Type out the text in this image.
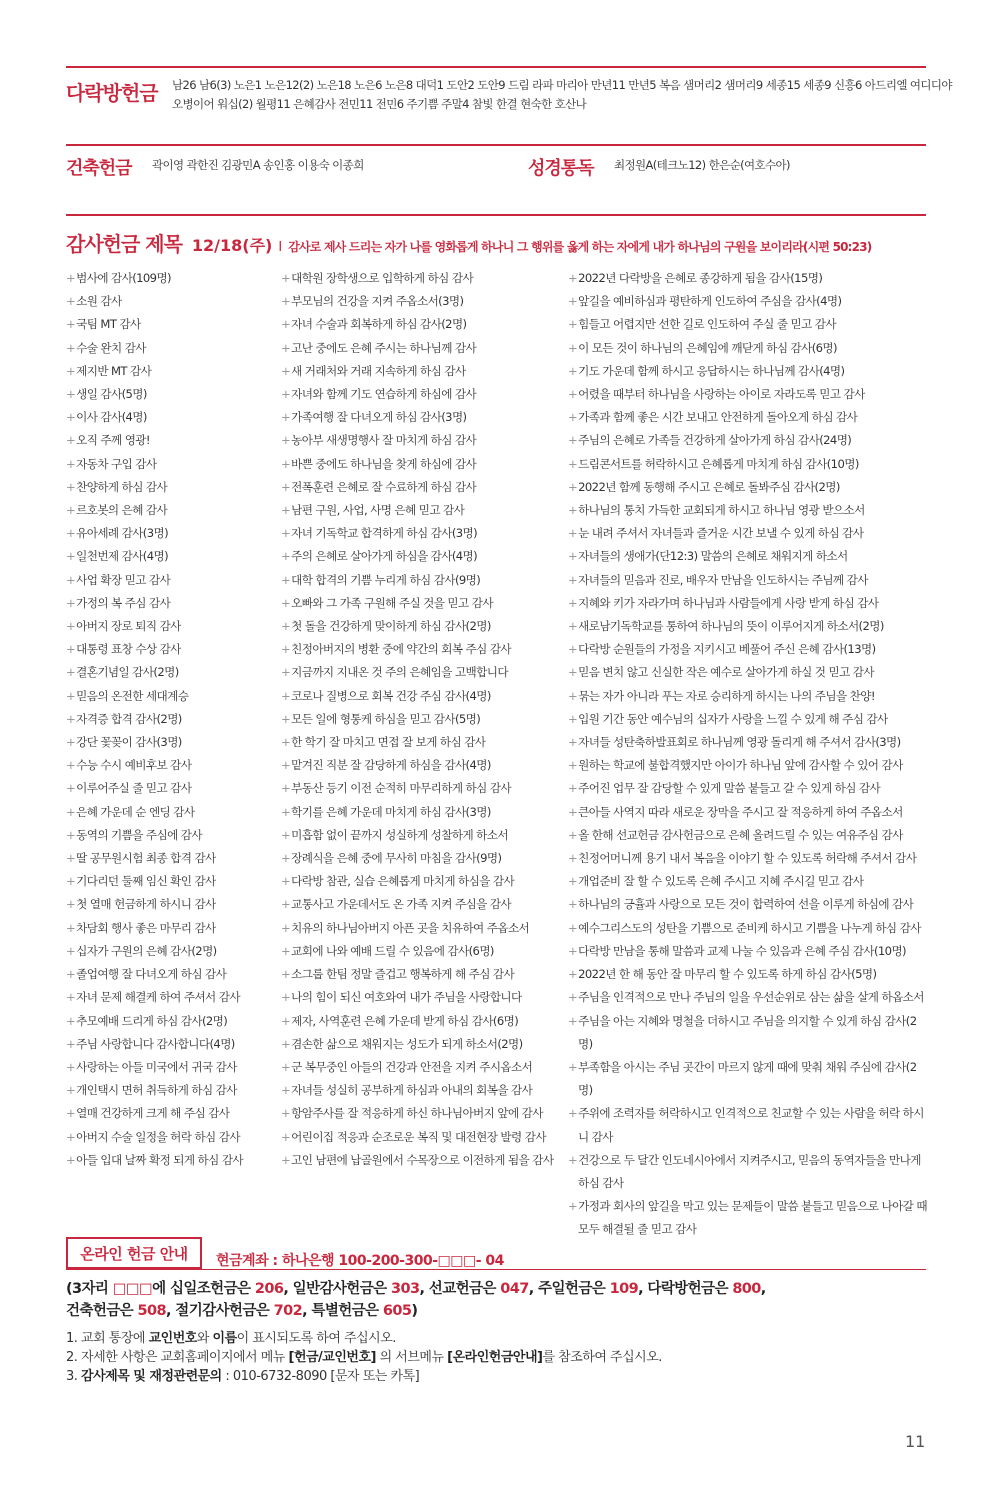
다락방헌금 남26 남6(3) 노은1 노은12(2) 노은18 노은6 노은8 대덕1 도안2 도안9 드림 라파 마리아 만년11 만년5 복음 샘머리2 샘머리9 세종15 세종9 신흥6 아드리엘 여디디야
오병이어 워십(2) 월평11 은혜감사 전민11 전민6 주기쁨 주말4 참빛 한결 현숙한 호산나
건축헌금 곽이영 곽한진 김광민A 송인홍 이용숙 이종희	성경통독 최정원A(테크노12) 한은순(여호수아)
감사헌금 제목 12/18(주) I 감사로 제사 드리는 자가 나를 영화롭게 하나니 그 행위를 옳게 하는 자에게 내가 하나님의 구원을 보이리라(시편 50:23)
+범사에 감사(109명)
+소원 감사
+국팀 MT 감사
+수술 완치 감사
+제지반 MT 감사
+생일 감사(5명)
+이사 감사(4명)
+오직 주께 영광!
+자동차 구입 감사
+찬양하게 하심 감사
+르호봇의 은혜 감사
+유아세례 감사(3명)
+일천번제 감사(4명)
+사업 확장 믿고 감사
+가정의 복 주심 감사
+아버지 장로 퇴직 감사
+대통령 표창 수상 감사
+결혼기념일 감사(2명)
+믿음의 온전한 세대계승
+자격증 합격 감사(2명)
+강단 꽃꽂이 감사(3명)
+수능 수시 예비후보 감사
+이루어주실 줄 믿고 감사
+은혜 가운데 순 엔딩 감사
+동역의 기쁨을 주심에 감사
+딸 공무원시험 최종 합격 감사
+기다리던 둘째 임신 확인 감사
+첫 열매 헌금하게 하시니 감사
+차담회 행사 좋은 마무리 감사
+십자가 구원의 은혜 감사(2명)
+졸업여행 잘 다녀오게 하심 감사
+자녀 문제 해결케 하여 주셔서 감사
+추모예배 드리게 하심 감사(2명)
+주님 사랑합니다 감사합니다(4명)
+사랑하는 아들 미국에서 귀국 감사
+개인택시 면허 취득하게 하심 감사
+열매 건강하게 크게 해 주심 감사
+아버지 수술 일정을 허락 하심 감사
+아들 입대 날짜 확정 되게 하심 감사
+대학원 장학생으로 입학하게 하심 감사
+부모님의 건강을 지켜 주옵소서(3명)
+자녀 수술과 회복하게 하심 감사(2명)
+고난 중에도 은혜 주시는 하나님께 감사
+새 거래처와 거래 지속하게 하심 감사
+자녀와 함께 기도 연습하게 하심에 감사
+가족여행 잘 다녀오게 하심 감사(3명)
+농아부 새생명행사 잘 마치게 하심 감사
+바쁜 중에도 하나님을 찾게 하심에 감사
+전폭훈련 은혜로 잘 수료하게 하심 감사
+남편 구원, 사업, 사명 은혜 믿고 감사
+자녀 기독학교 합격하게 하심 감사(3명)
+주의 은혜로 살아가게 하심을 감사(4명)
+대학 합격의 기쁨 누리게 하심 감사(9명)
+오빠와 그 가족 구원해 주실 것을 믿고 감사
+첫 돌을 건강하게 맞이하게 하심 감사(2명)
+친정아버지의 병환 중에 약간의 회복 주심 감사
+지금까지 지내온 것 주의 은혜임을 고백합니다
+코로나 질병으로 회복 건강 주심 감사(4명)
+모든 일에 형통케 하심을 믿고 감사(5명)
+한 학기 잘 마치고 면접 잘 보게 하심 감사
+맡겨진 직분 잘 감당하게 하심을 감사(4명)
+부동산 등기 이전 순적히 마무리하게 하심 감사
+학기를 은혜 가운데 마치게 하심 감사(3명)
+미흡함 없이 끝까지 성실하게 성찰하게 하소서
+장례식을 은혜 중에 무사히 마침을 감사(9명)
+다락방 참관, 실습 은혜롭게 마치게 하심을 감사
+교통사고 가운데서도 온 가족 지켜 주심을 감사
+치유의 하나님아버지 아픈 곳을 치유하여 주옵소서
+교회에 나와 예배 드릴 수 있음에 감사(6명)
+소그룹 한팀 정말 즐겁고 행복하게 해 주심 감사
+나의 힘이 되신 여호와여 내가 주님을 사랑합니다
+제자, 사역훈련 은혜 가운데 받게 하심 감사(6명)
+겸손한 삶으로 채워지는 성도가 되게 하소서(2명)
+군 복무중인 아들의 건강과 안전을 지켜 주시옵소서
+자녀들 성실히 공부하게 하심과 아내의 회복을 감사
+항암주사를 잘 적응하게 하신 하나님아버지 앞에 감사
+어린이집 적응과 순조로운 복직 및 대전현장 발령 감사
+고인 남편에 납골원에서 수목장으로 이전하게 됨을 감사
+2022년 다락방을 은혜로 종강하게 됨을 감사(15명)
+앞길을 예비하심과 평탄하게 인도하여 주심을 감사(4명)
+힘들고 어렵지만 선한 길로 인도하여 주실 줄 믿고 감사
+이 모든 것이 하나님의 은혜임에 깨닫게 하심 감사(6명)
+기도 가운데 함께 하시고 응답하시는 하나님께 감사(4명)
+어렸을 때부터 하나님을 사랑하는 아이로 자라도록 믿고 감사
+가족과 함께 좋은 시간 보내고 안전하게 돌아오게 하심 감사
+주님의 은혜로 가족들 건강하게 살아가게 하심 감사(24명)
+드림콘서트를 허락하시고 은혜롭게 마치게 하심 감사(10명)
+2022년 함께 동행해 주시고 은혜로 돌봐주심 감사(2명)
+하나님의 통치 가득한 교회되게 하시고 하나님 영광 받으소서
+눈 내려 주셔서 자녀들과 즐거운 시간 보낼 수 있게 하심 감사
+자녀들의 생애가(단12:3) 말씀의 은혜로 채워지게 하소서
+자녀들의 믿음과 진로, 배우자 만남을 인도하시는 주님께 감사
+지혜와 키가 자라가며 하나님과 사람들에게 사랑 받게 하심 감사
+새로남기독학교를 통하여 하나님의 뜻이 이루어지게 하소서(2명)
+다락방 순원들의 가정을 지키시고 베풀어 주신 은혜 감사(13명)
+믿음 변치 않고 신실한 작은 예수로 살아가게 하실 것 믿고 감사
+묶는 자가 아니라 푸는 자로 승리하게 하시는 나의 주님을 찬양!
+입원 기간 동안 예수님의 십자가 사랑을 느낄 수 있게 해 주심 감사
+자녀들 성탄축하발표회로 하나님께 영광 돌리게 해 주셔서 감사(3명)
+원하는 학교에 불합격했지만 아이가 하나님 앞에 감사할 수 있어 감사
+주어진 업무 잘 감당할 수 있게 말씀 붙들고 갈 수 있게 하심 감사
+큰아들 사역지 따라 새로운 장막을 주시고 잘 적응하게 하여 주옵소서
+올 한해 선교헌금 감사헌금으로 은혜 올려드릴 수 있는 여유주심 감사
+친정어머니께 용기 내서 복음을 이야기 할 수 있도록 허락해 주셔서 감사
+개업준비 잘 할 수 있도록 은혜 주시고 지혜 주시길 믿고 감사
+하나님의 긍휼과 사랑으로 모든 것이 합력하여 선을 이루게 하심에 감사
+예수그리스도의 성탄을 기쁨으로 준비케 하시고 기쁨을 나누게 하심 감사
+다락방 만남을 통해 말씀과 교제 나눌 수 있음과 은혜 주심 감사(10명)
+2022년 한 해 동안 잘 마무리 할 수 있도록 하게 하심 감사(5명)
+주님을 인격적으로 만나 주님의 일을 우선순위로 삼는 삶을 살게 하옵소서
+주님을 아는 지혜와 명철을 더하시고 주님을 의지할 수 있게 하심 감사(2명)
+부족함을 아시는 주님 곳간이 마르지 않게 때에 맞춰 채워 주심에 감사(2명)
+주위에 조력자를 허락하시고 인격적으로 친교할 수 있는 사람을 허락 하시니 감사
+건강으로 두 달간 인도네시아에서 지켜주시고, 믿음의 동역자들을 만나게 하심 감사
+가정과 회사의 앞길을 막고 있는 문제들이 말씀 붙들고 믿음으로 나아갈 때 모두 해결될 줄 믿고 감사
온라인 헌금 안내	현금계좌 : 하나은행 100-200-300-□□□- 04
(3자리 □□□에 십일조헌금은 206, 일반감사헌금은 303, 선교헌금은 047, 주일헌금은 109, 다락방헌금은 800,
건축헌금은 508, 절기감사헌금은 702, 특별헌금은 605)
1. 교회 통장에 교인번호와 이름이 표시되도록 하여 주십시오.
2. 자세한 사항은 교회홈페이지에서 메뉴 [헌금/교인번호] 의 서브메뉴 [온라인헌금안내]를 참조하여 주십시오.
3. 감사제목 및 재정관련문의 : 010-6732-8090 [문자 또는 카톡]
11
